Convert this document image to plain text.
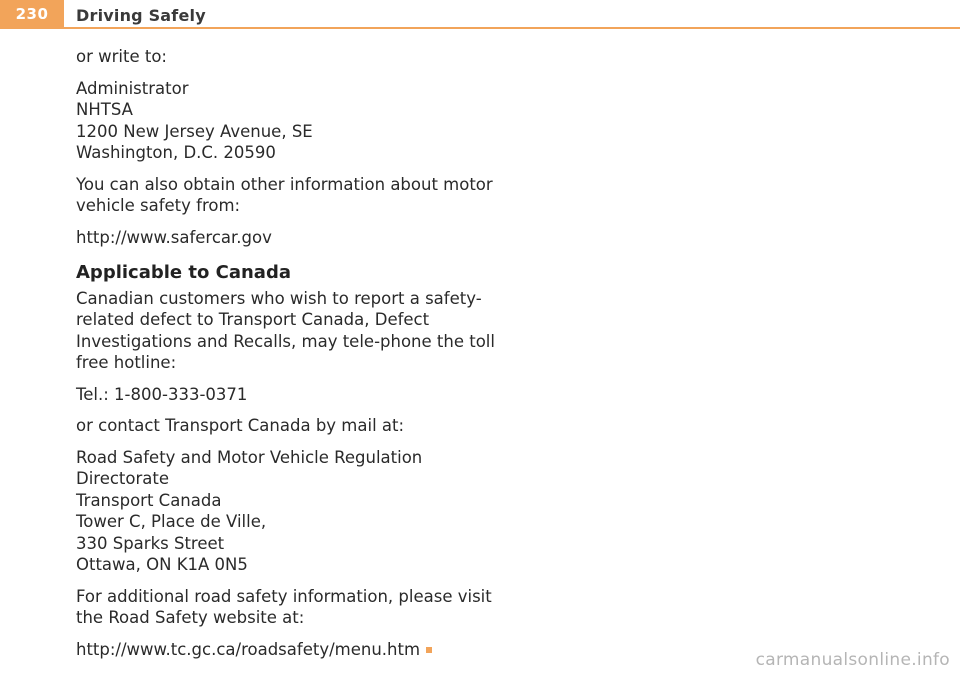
230	Driving Safely

or write to:

Administrator

NHTSA

1200 New Jersey Avenue, SE

Washington, D.C. 20590

You can also obtain other information about motor vehicle safety from:

http://www.safercar.gov

Applicable to Canada

Canadian customers who wish to report a safety-related defect to Transport Canada, Defect Investigations and Recalls, may tele-phone the toll free hotline:

Tel.: 1-800-333-0371

or contact Transport Canada by mail at:

Road Safety and Motor Vehicle Regulation

Directorate

Transport Canada

Tower C, Place de Ville,

330 Sparks Street

Ottawa, ON K1A 0N5

For additional road safety information, please visit the Road Safety website at:

http://www.tc.gc.ca/roadsafety/menu.htm

carmanualsonline.info
